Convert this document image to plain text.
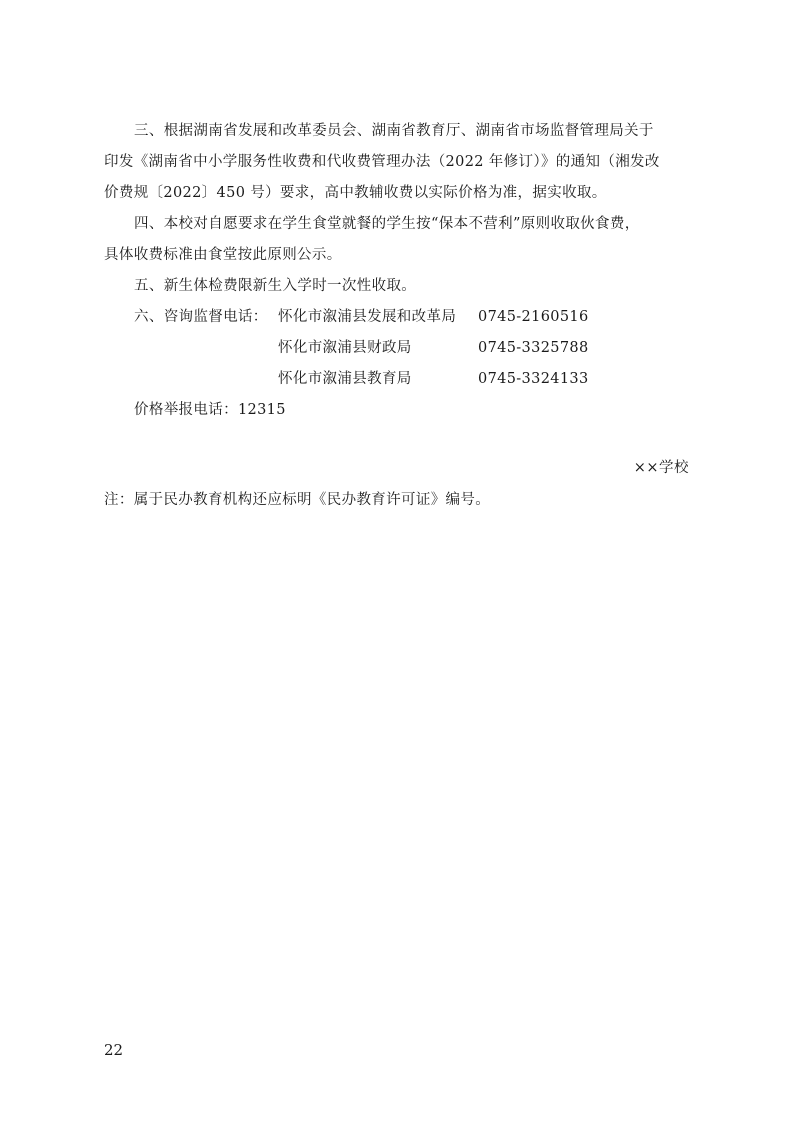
三、根据湖南省发展和改革委员会、湖南省教育厅、湖南省市场监督管理局关于
印发《湖南省中小学服务性收费和代收费管理办法（2022 年修订）》的通知（湘发改
价费规〔2022〕450 号）要求，高中教辅收费以实际价格为准，据实收取。
四、本校对自愿要求在学生食堂就餐的学生按“保本不营利”原则收取伙食费，
具体收费标准由食堂按此原则公示。
五、新生体检费限新生入学时一次性收取。
六、咨询监督电话： 怀化市溆浦县发展和改革局 0745-2160516
怀化市溆浦县财政局	0745-3325788
怀化市溆浦县教育局	0745-3324133
价格举报电话：12315
××学校
注：属于民办教育机构还应标明《民办教育许可证》编号。
22
